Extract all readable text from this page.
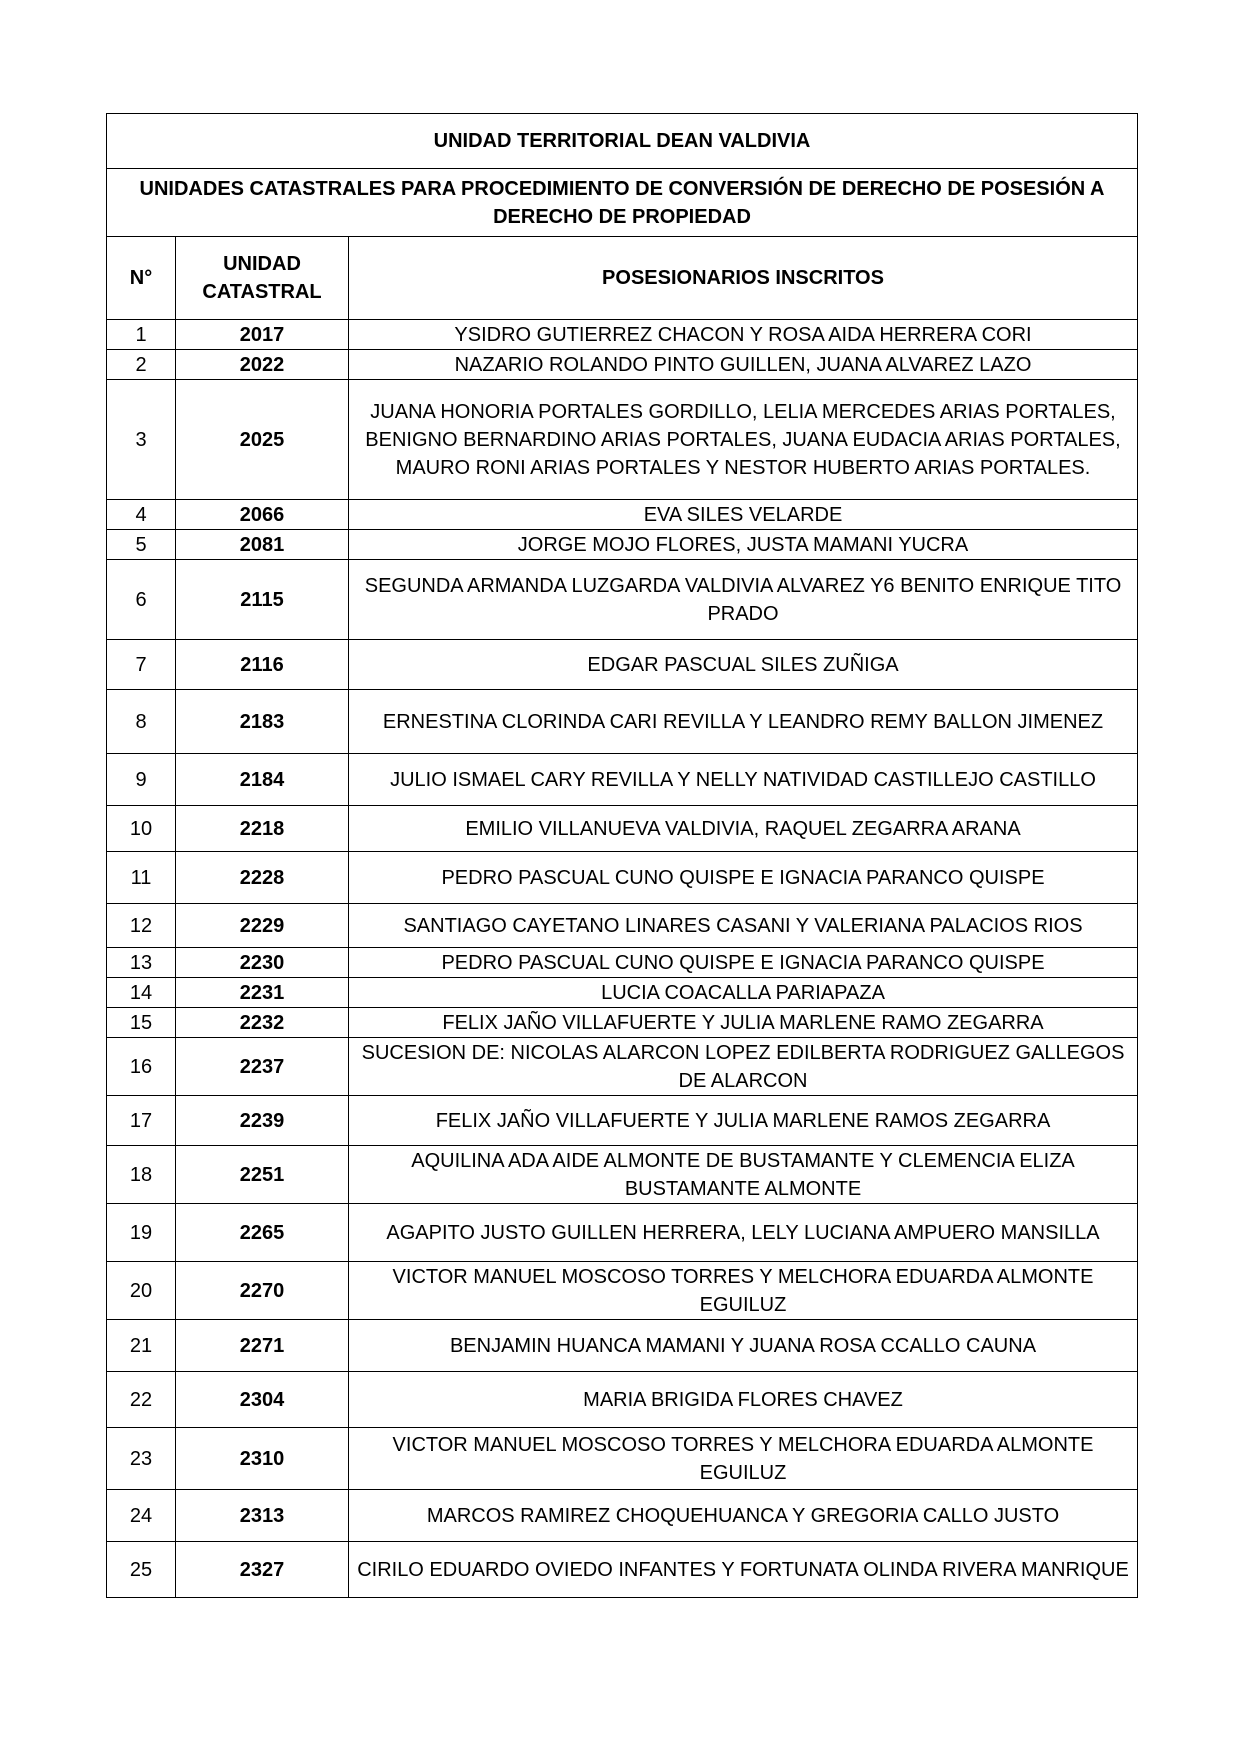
UNIDAD TERRITORIAL DEAN VALDIVIA		
UNIDADES CATASTRALES PARA PROCEDIMIENTO DE CONVERSIÓN DE DERECHO DE POSESIÓN A DERECHO DE PROPIEDAD		
N°	UNIDAD CATASTRAL	POSESIONARIOS INSCRITOS
1	2017	YSIDRO GUTIERREZ CHACON Y ROSA AIDA HERRERA CORI
2	2022	NAZARIO ROLANDO PINTO GUILLEN, JUANA ALVAREZ LAZO
3	2025	JUANA HONORIA PORTALES GORDILLO, LELIA MERCEDES ARIAS PORTALES, BENIGNO BERNARDINO ARIAS PORTALES, JUANA EUDACIA ARIAS PORTALES, MAURO RONI ARIAS PORTALES Y NESTOR HUBERTO ARIAS PORTALES.
4	2066	EVA SILES VELARDE
5	2081	JORGE MOJO FLORES, JUSTA MAMANI YUCRA
6	2115	SEGUNDA ARMANDA LUZGARDA VALDIVIA ALVAREZ Y6 BENITO ENRIQUE TITO PRADO
7	2116	EDGAR PASCUAL SILES ZUÑIGA
8	2183	ERNESTINA CLORINDA CARI REVILLA Y LEANDRO REMY BALLON JIMENEZ
9	2184	JULIO ISMAEL CARY REVILLA Y NELLY NATIVIDAD CASTILLEJO CASTILLO
10	2218	EMILIO VILLANUEVA VALDIVIA, RAQUEL ZEGARRA ARANA
11	2228	PEDRO PASCUAL CUNO QUISPE E IGNACIA PARANCO QUISPE
12	2229	SANTIAGO CAYETANO LINARES CASANI Y VALERIANA PALACIOS RIOS
13	2230	PEDRO PASCUAL CUNO QUISPE E IGNACIA PARANCO QUISPE
14	2231	LUCIA COACALLA PARIAPAZA
15	2232	FELIX JAÑO VILLAFUERTE Y JULIA MARLENE RAMO ZEGARRA
16	2237	SUCESION DE: NICOLAS ALARCON LOPEZ EDILBERTA RODRIGUEZ GALLEGOS DE ALARCON
17	2239	FELIX JAÑO VILLAFUERTE Y JULIA MARLENE RAMOS ZEGARRA
18	2251	AQUILINA ADA AIDE ALMONTE DE BUSTAMANTE Y CLEMENCIA ELIZA BUSTAMANTE ALMONTE
19	2265	AGAPITO JUSTO GUILLEN HERRERA, LELY LUCIANA AMPUERO MANSILLA
20	2270	VICTOR MANUEL MOSCOSO TORRES Y MELCHORA EDUARDA ALMONTE EGUILUZ
21	2271	BENJAMIN HUANCA MAMANI Y JUANA ROSA CCALLO CAUNA
22	2304	MARIA BRIGIDA FLORES CHAVEZ
23	2310	VICTOR MANUEL MOSCOSO TORRES Y MELCHORA EDUARDA ALMONTE EGUILUZ
24	2313	MARCOS RAMIREZ CHOQUEHUANCA Y GREGORIA CALLO JUSTO
25	2327	CIRILO EDUARDO OVIEDO INFANTES Y FORTUNATA OLINDA RIVERA MANRIQUE
